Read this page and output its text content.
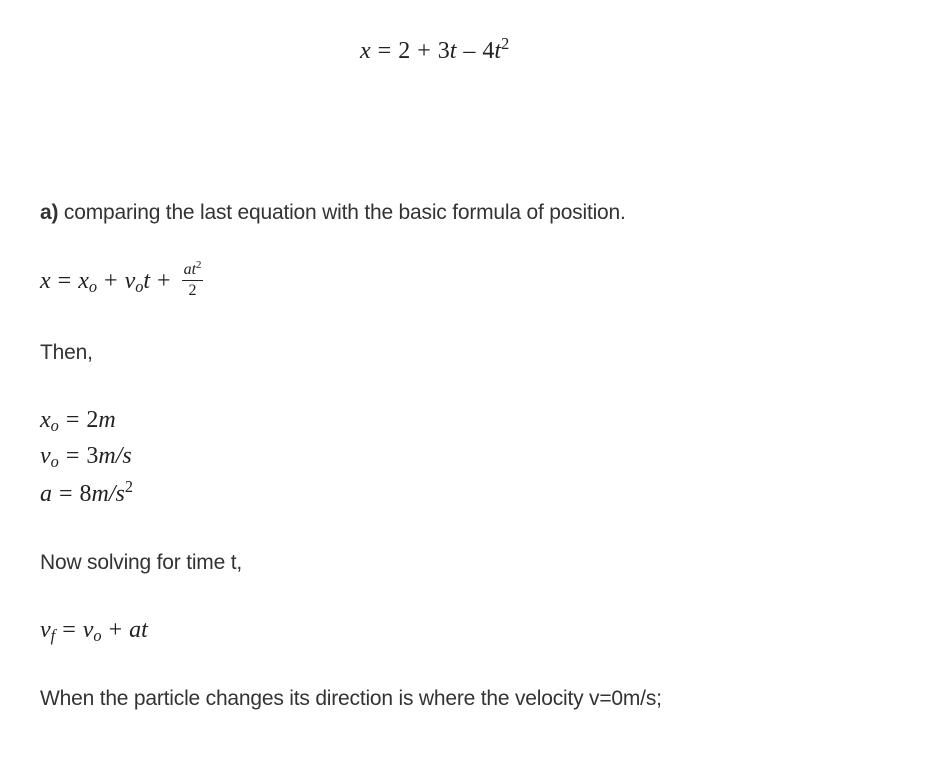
$x = 2 + 3t - 4t^2$
a) comparing the last equation with the basic formula of position.
$x = x_o + v_ot + \frac{at^2}{2}$
Then,
$x_o = 2m$
$v_o = 3m/s$
$a = 8m/s^2$
Now solving for time t,
$v_f = v_o$ + at
When the particle changes its direction is where the velocity v=0m/s;
